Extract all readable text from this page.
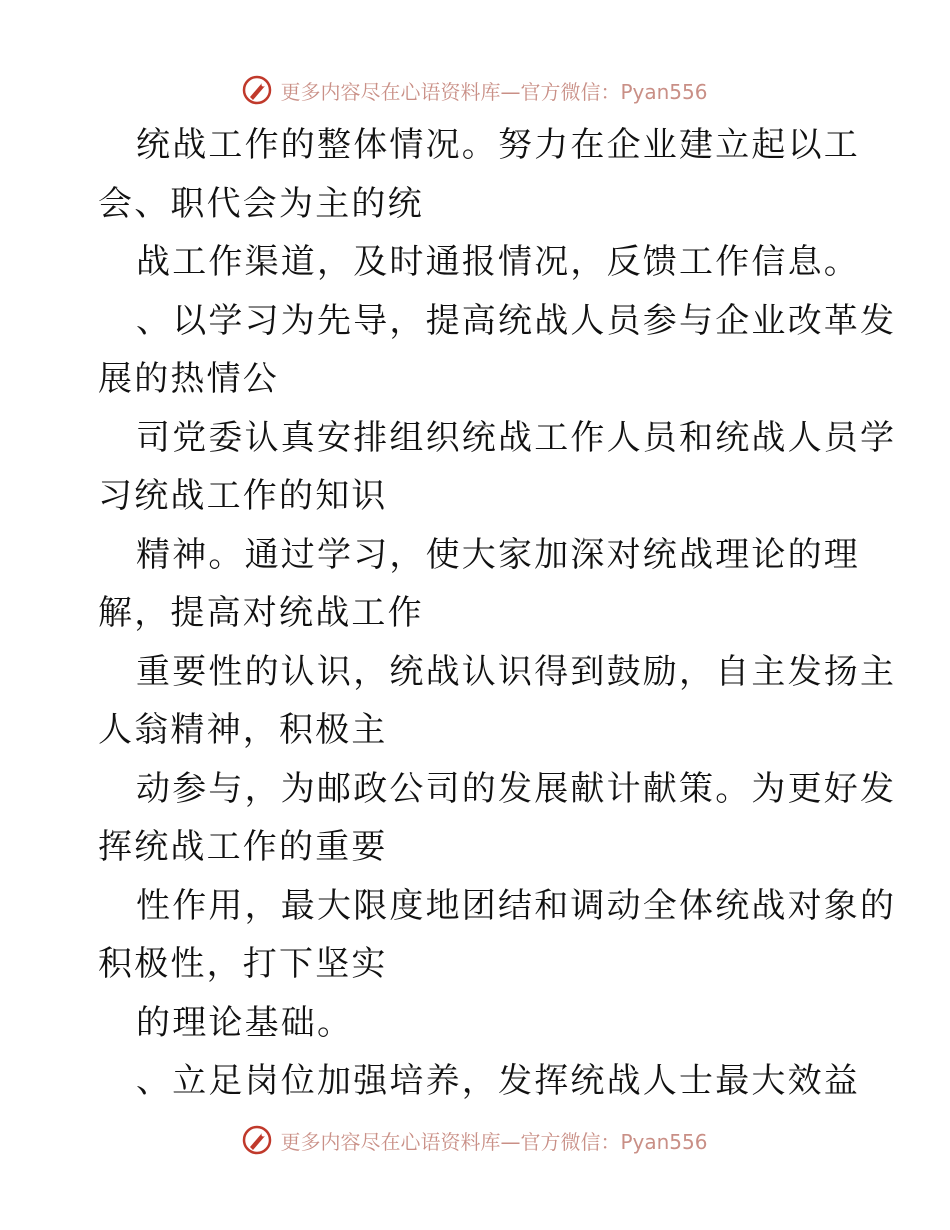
更多内容尽在心语资料库—官方微信：Pyan556
统战工作的整体情况。努力在企业建立起以工
会、职代会为主的统
战工作渠道，及时通报情况，反馈工作信息。
、以学习为先导，提高统战人员参与企业改革发
展的热情公
司党委认真安排组织统战工作人员和统战人员学
习统战工作的知识
精神。通过学习，使大家加深对统战理论的理
解，提高对统战工作
重要性的认识，统战认识得到鼓励，自主发扬主
人翁精神，积极主
动参与，为邮政公司的发展献计献策。为更好发
挥统战工作的重要
性作用，最大限度地团结和调动全体统战对象的
积极性，打下坚实
的理论基础。
、立足岗位加强培养，发挥统战人士最大效益
更多内容尽在心语资料库—官方微信：Pyan556
